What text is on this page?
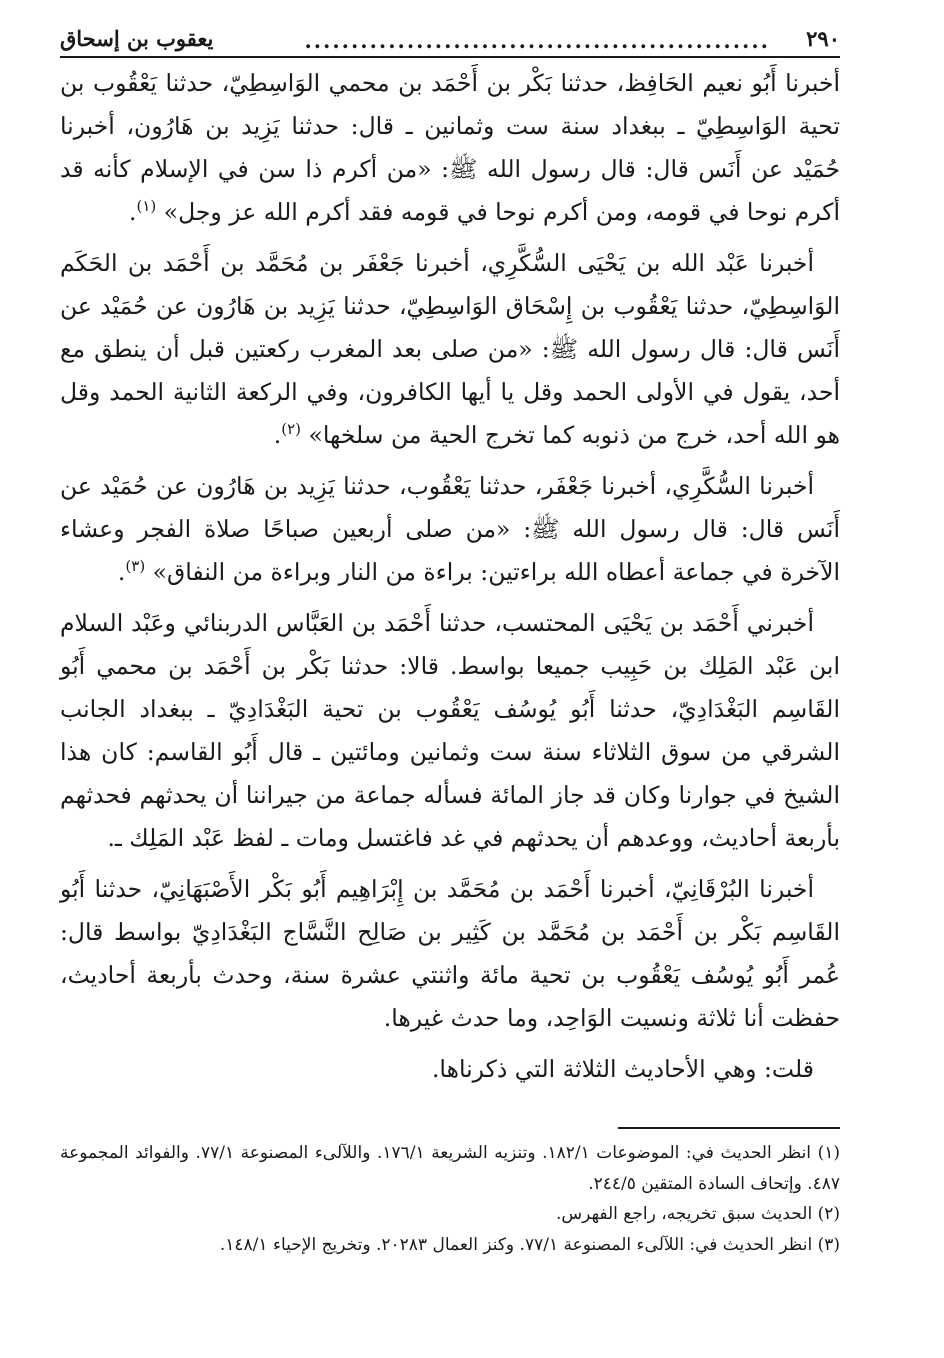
٢٩٠
..................................................
يعقوب بن إسحاق

أخبرنا أَبُو نعيم الحَافِظ، حدثنا بَكْر بن أَحْمَد بن محمي الوَاسِطِيّ، حدثنا يَعْقُوب بن تحية الوَاسِطِيّ ـ ببغداد سنة ست وثمانين ـ قال: حدثنا يَزِيد بن هَارُون، أخبرنا حُمَيْد عن أَنَس قال: قال رسول الله ﷺ: «من أكرم ذا سن في الإسلام كأنه قد أكرم نوحا في قومه، ومن أكرم نوحا في قومه فقد أكرم الله عز وجل» $^{(١)}$.

أخبرنا عَبْد الله بن يَحْيَى السُّكَّرِي، أخبرنا جَعْفَر بن مُحَمَّد بن أَحْمَد بن الحَكَم الوَاسِطِيّ، حدثنا يَعْقُوب بن إِسْحَاق الوَاسِطِيّ، حدثنا يَزِيد بن هَارُون عن حُمَيْد عن أَنَس قال: قال رسول الله ﷺ: «من صلى بعد المغرب ركعتين قبل أن ينطق مع أحد، يقول في الأولى الحمد وقل يا أيها الكافرون، وفي الركعة الثانية الحمد وقل هو الله أحد، خرج من ذنوبه كما تخرج الحية من سلخها» $^{(٢)}$.

أخبرنا السُّكَّرِي، أخبرنا جَعْفَر، حدثنا يَعْقُوب، حدثنا يَزِيد بن هَارُون عن حُمَيْد عن أَنَس قال: قال رسول الله ﷺ: «من صلى أربعين صباحًا صلاة الفجر وعشاء الآخرة في جماعة أعطاه الله براءتين: براءة من النار وبراءة من النفاق» $^{(٣)}$.

أخبرني أَحْمَد بن يَحْيَى المحتسب، حدثنا أَحْمَد بن العَبَّاس الدربنائي وعَبْد السلام ابن عَبْد المَلِك بن حَبِيب جميعا بواسط. قالا: حدثنا بَكْر بن أَحْمَد بن محمي أَبُو القَاسِم البَغْدَادِيّ، حدثنا أَبُو يُوسُف يَعْقُوب بن تحية البَغْدَادِيّ ـ ببغداد الجانب الشرقي من سوق الثلاثاء سنة ست وثمانين ومائتين ـ قال أَبُو القاسم: كان هذا الشيخ في جوارنا وكان قد جاز المائة فسأله جماعة من جيراننا أن يحدثهم فحدثهم بأربعة أحاديث، ووعدهم أن يحدثهم في غد فاغتسل ومات ـ لفظ عَبْد المَلِك ـ.

أخبرنا البُرْقَانِيّ، أخبرنا أَحْمَد بن مُحَمَّد بن إِبْرَاهِيم أَبُو بَكْر الأَصْبَهَانِيّ، حدثنا أَبُو القَاسِم بَكْر بن أَحْمَد بن مُحَمَّد بن كَثِير بن صَالِح النَّسَّاج البَغْدَادِيّ بواسط قال: عُمر أَبُو يُوسُف يَعْقُوب بن تحية مائة واثنتي عشرة سنة، وحدث بأربعة أحاديث، حفظت أنا ثلاثة ونسيت الوَاحِد، وما حدث غيرها.

قلت: وهي الأحاديث الثلاثة التي ذكرناها.

(١) انظر الحديث في: الموضوعات ١٨٢/١. وتنزيه الشريعة ١٧٦/١. واللآلىء المصنوعة ٧٧/١. والفوائد المجموعة ٤٨٧. وإتحاف السادة المتقين ٢٤٤/٥.

(٢) الحديث سبق تخريجه، راجع الفهرس.

(٣) انظر الحديث في: اللآلىء المصنوعة ٧٧/١. وكنز العمال ٢٠٢٨٣. وتخريج الإحياء ١٤٨/١.
